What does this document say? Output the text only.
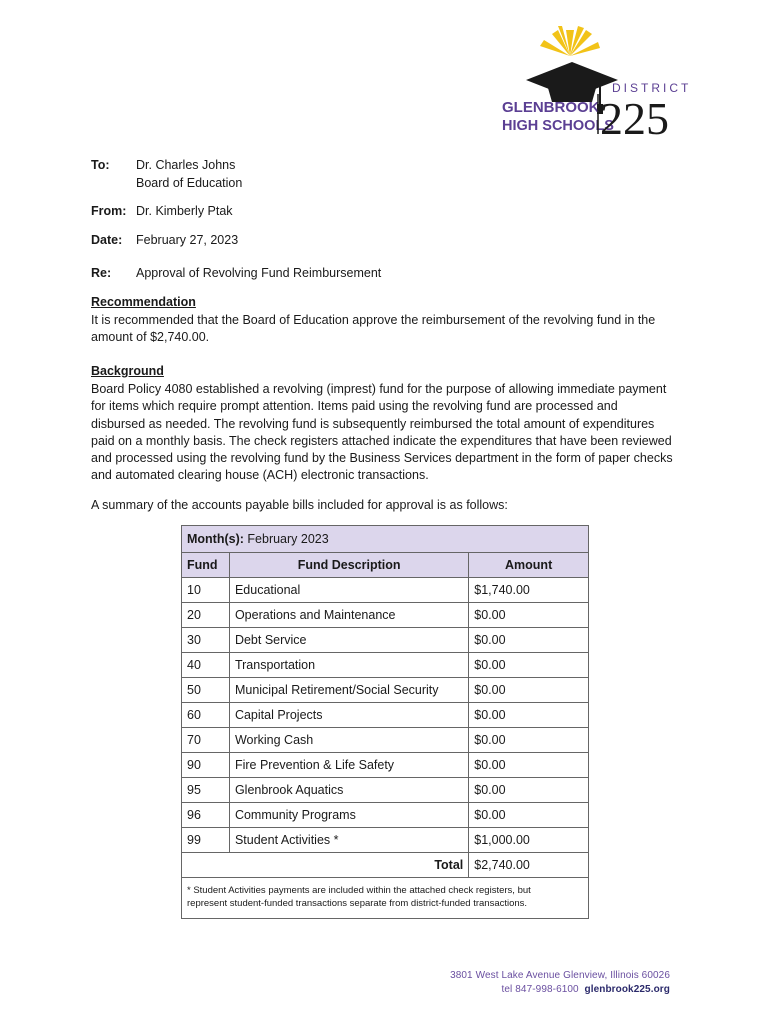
DISTRICT
GLENBROOK
HIGH SCHOOLS
225
To: Dr. Charles Johns
Board of Education
From: Dr. Kimberly Ptak
Date: February 27, 2023
Re: Approval of Revolving Fund Reimbursement
Recommendation
It is recommended that the Board of Education approve the reimbursement of the revolving fund in the
amount of $2,740.00.
Background
Board Policy 4080 established a revolving (imprest) fund for the purpose of allowing immediate payment
for items which require prompt attention. Items paid using the revolving fund are processed and
disbursed as needed. The revolving fund is subsequently reimbursed the total amount of expenditures
paid on a monthly basis. The check registers attached indicate the expenditures that have been reviewed
and processed using the revolving fund by the Business Services department in the form of paper checks
and automated clearing house (ACH) electronic transactions.
A summary of the accounts payable bills included for approval is as follows:
Month(s): February 2023		
Fund	Fund Description	Amount
10	Educational	$1,740.00
20	Operations and Maintenance	$0.00
30	Debt Service	$0.00
40	Transportation	$0.00
50	Municipal Retirement/Social Security	$0.00
60	Capital Projects	$0.00
70	Working Cash	$0.00
90	Fire Prevention & Life Safety	$0.00
95	Glenbrook Aquatics	$0.00
96	Community Programs	$0.00
99	Student Activities *	$1,000.00
Total		$2,740.00

* Student Activities payments are included within the attached check registers, but
represent student-funded transactions separate from district-funded transactions.		
3801 West Lake Avenue Glenview, Illinois 60026
tel 847-998-6100 glenbrook225.org
